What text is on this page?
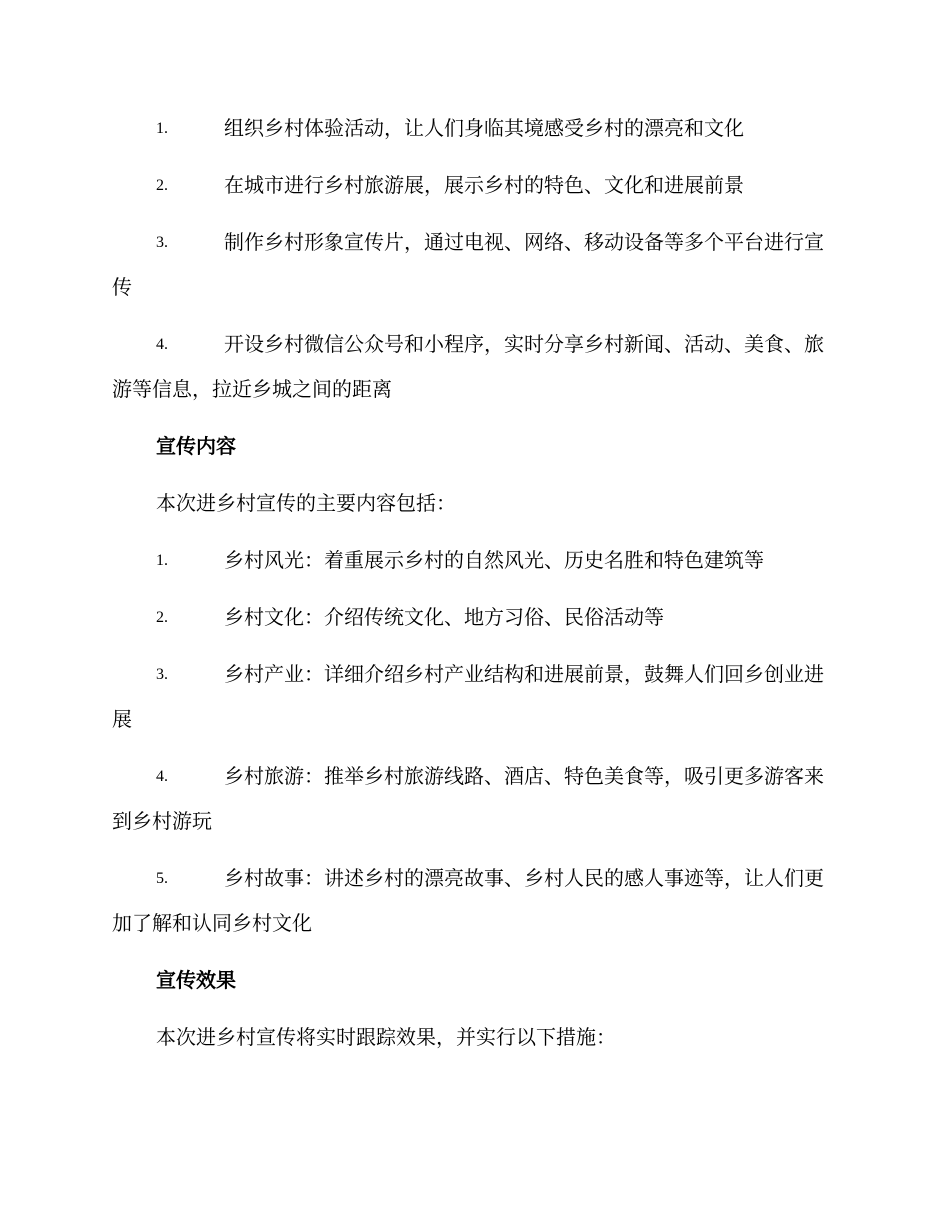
1.	组织乡村体验活动，让人们身临其境感受乡村的漂亮和文化
2.	在城市进行乡村旅游展，展示乡村的特色、文化和进展前景
3.	制作乡村形象宣传片，通过电视、网络、移动设备等多个平台进行宣传
4.	开设乡村微信公众号和小程序，实时分享乡村新闻、活动、美食、旅游等信息，拉近乡城之间的距离
宣传内容
本次进乡村宣传的主要内容包括：
1.	乡村风光：着重展示乡村的自然风光、历史名胜和特色建筑等
2.	乡村文化：介绍传统文化、地方习俗、民俗活动等
3.	乡村产业：详细介绍乡村产业结构和进展前景，鼓舞人们回乡创业进展
4.	乡村旅游：推举乡村旅游线路、酒店、特色美食等，吸引更多游客来到乡村游玩
5.	乡村故事：讲述乡村的漂亮故事、乡村人民的感人事迹等，让人们更加了解和认同乡村文化
宣传效果
本次进乡村宣传将实时跟踪效果，并实行以下措施：
